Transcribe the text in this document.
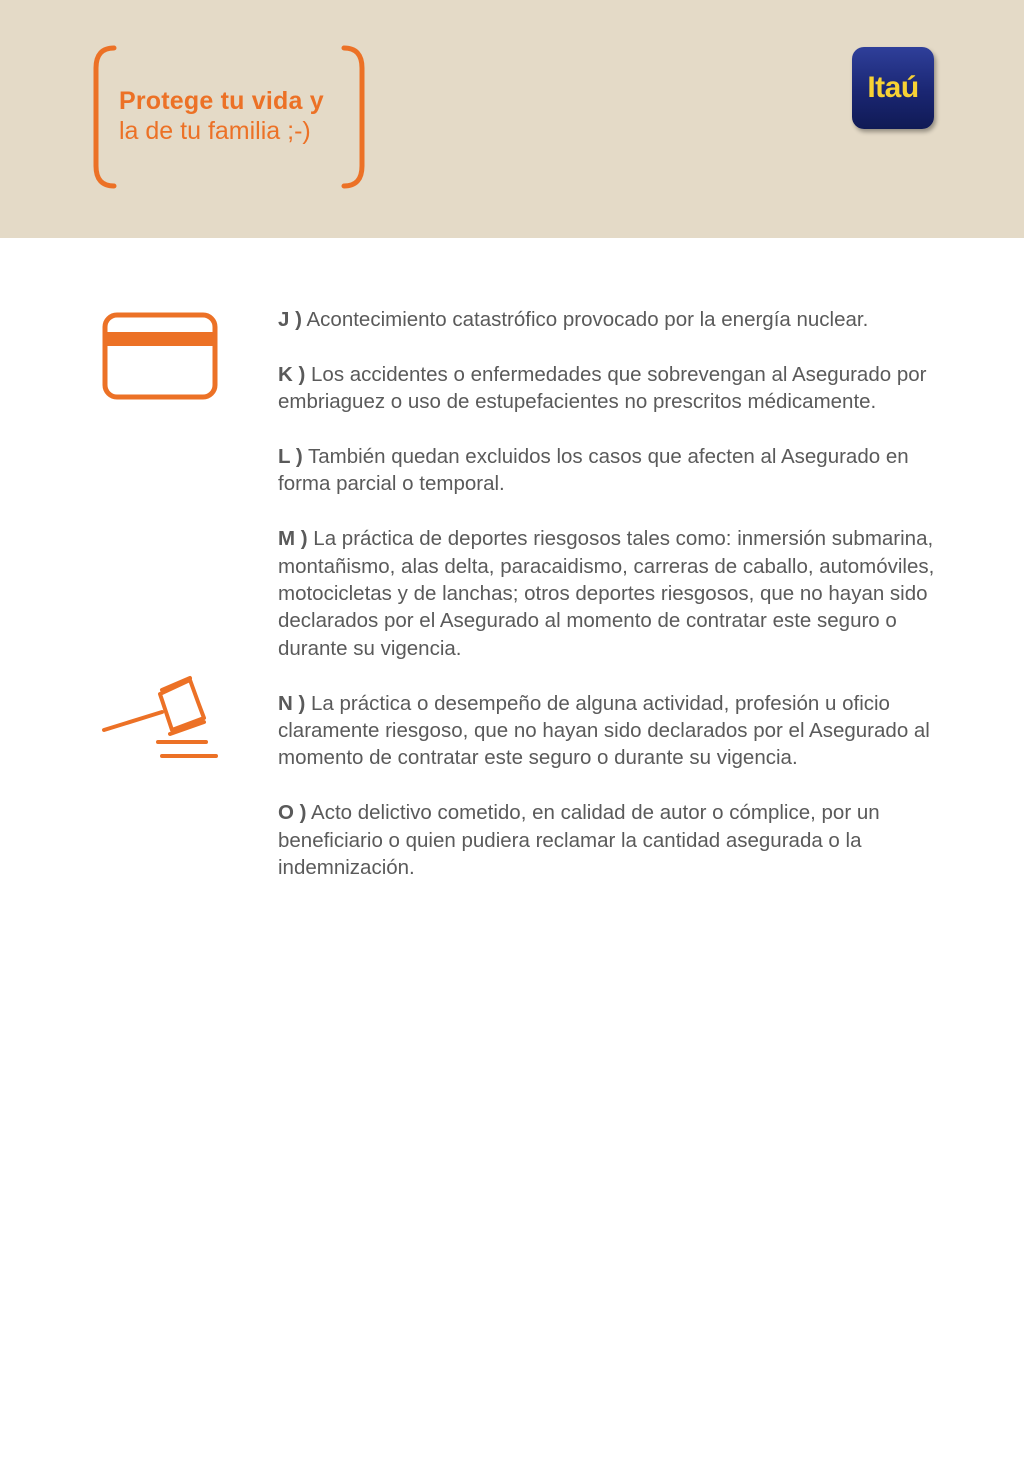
Protege tu vida y
la de tu familia ;-)
Itaú

J ) Acontecimiento catastrófico provocado por la energía nuclear.

K ) Los accidentes o enfermedades que sobrevengan al Asegurado por embriaguez o uso de estupefacientes no prescritos médicamente.

L ) También quedan excluidos los casos que afecten al Asegurado en forma parcial o temporal.

M ) La práctica de deportes riesgosos tales como: inmersión submarina, montañismo, alas delta, paracaidismo, carreras de caballo, automóviles, motocicletas y de lanchas; otros deportes riesgosos, que no hayan sido declarados por el Asegurado al momento de contratar este seguro o durante su vigencia.

N ) La práctica o desempeño de alguna actividad, profesión u oficio claramente riesgoso, que no hayan sido declarados por el Asegurado al momento de contratar este seguro o durante su vigencia.

O ) Acto delictivo cometido, en calidad de autor o cómplice, por un beneficiario o quien pudiera reclamar la cantidad asegurada o la indemnización.
